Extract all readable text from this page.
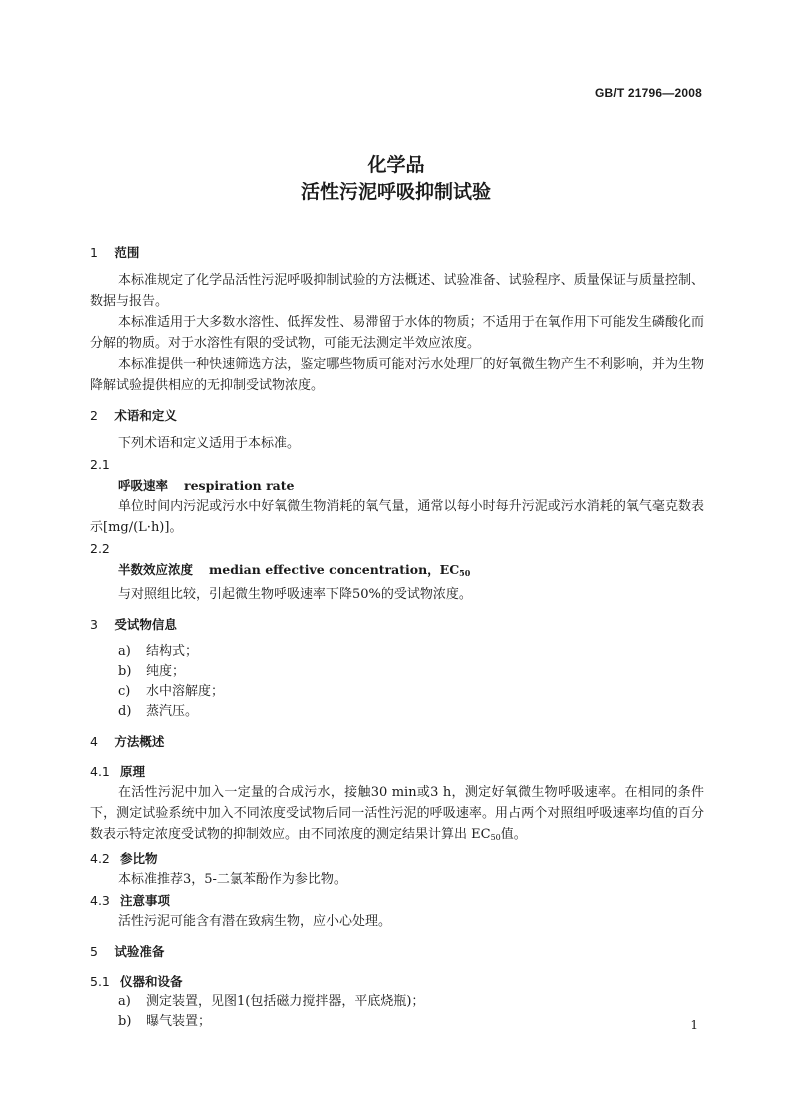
GB/T 21796—2008
化学品
活性污泥呼吸抑制试验
1 范围
本标准规定了化学品活性污泥呼吸抑制试验的方法概述、试验准备、试验程序、质量保证与质量控制、数据与报告。
本标准适用于大多数水溶性、低挥发性、易滞留于水体的物质；不适用于在氧作用下可能发生磷酸化而分解的物质。对于水溶性有限的受试物，可能无法测定半效应浓度。
本标准提供一种快速筛选方法，鉴定哪些物质可能对污水处理厂的好氧微生物产生不利影响，并为生物降解试验提供相应的无抑制受试物浓度。
2 术语和定义
下列术语和定义适用于本标准。
2.1
呼吸速率 respiration rate
单位时间内污泥或污水中好氧微生物消耗的氧气量，通常以每小时每升污泥或污水消耗的氧气毫克数表示[mg/(L·h)]。
2.2
半数效应浓度 median effective concentration，$EC_{50}$
与对照组比较，引起微生物呼吸速率下降50%的受试物浓度。
3 受试物信息
a) 结构式；
b) 纯度；
c) 水中溶解度；
d) 蒸汽压。
4 方法概述
4.1 原理
在活性污泥中加入一定量的合成污水，接触30 min或3 h，测定好氧微生物呼吸速率。在相同的条件下，测定试验系统中加入不同浓度受试物后同一活性污泥的呼吸速率。用占两个对照组呼吸速率均值的百分数表示特定浓度受试物的抑制效应。由不同浓度的测定结果计算出 $EC_{50}$值。
4.2 参比物
本标准推荐3，5-二氯苯酚作为参比物。
4.3 注意事项
活性污泥可能含有潜在致病生物，应小心处理。
5 试验准备
5.1 仪器和设备
a) 测定装置，见图1(包括磁力搅拌器，平底烧瓶)；
b) 曝气装置；	1
